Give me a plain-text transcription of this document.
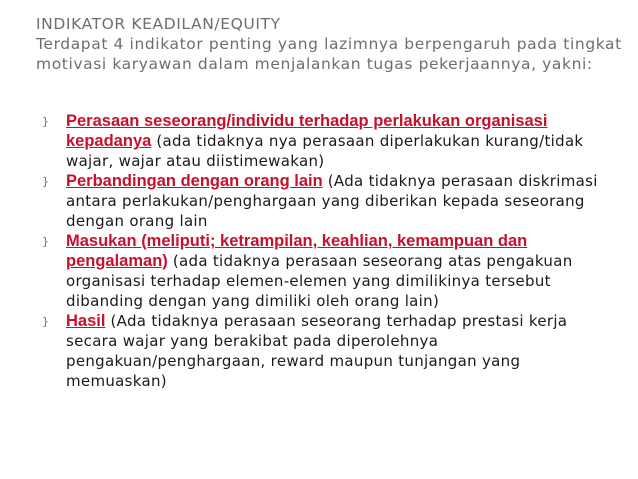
INDIKATOR KEADILAN/EQUITY
Terdapat 4 indikator penting yang lazimnya berpengaruh pada tingkat
motivasi karyawan dalam menjalankan tugas pekerjaannya, yakni:
} Perasaan seseorang/individu terhadap perlakukan organisasi kepadanya (ada tidaknya nya perasaan diperlakukan kurang/tidak wajar, wajar atau diistimewakan)
} Perbandingan dengan orang lain (Ada tidaknya perasaan diskrimasi antara perlakukan/penghargaan yang diberikan kepada seseorang dengan orang lain
} Masukan (meliputi; ketrampilan, keahlian, kemampuan dan pengalaman) (ada tidaknya perasaan seseorang atas pengakuan organisasi terhadap elemen-elemen yang dimilikinya tersebut dibanding dengan yang dimiliki oleh orang lain)
} Hasil (Ada tidaknya perasaan seseorang terhadap prestasi kerja secara wajar yang berakibat pada diperolehnya pengakuan/penghargaan, reward maupun tunjangan yang memuaskan)
